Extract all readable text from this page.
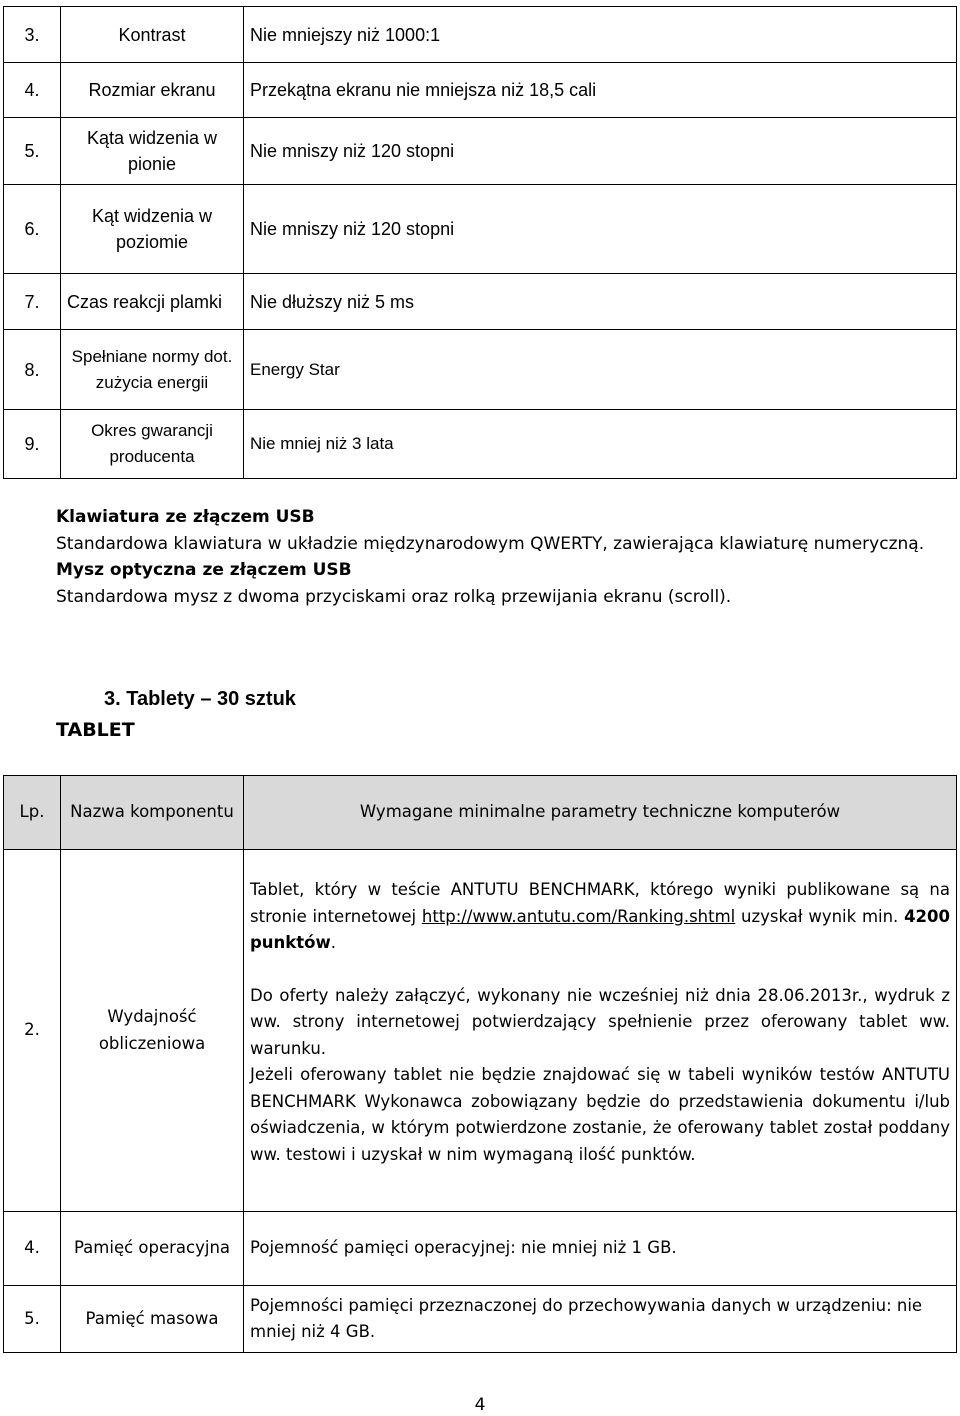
3.	Kontrast	Nie mniejszy niż 1000:1
4.	Rozmiar ekranu	Przekątna ekranu nie mniejsza niż 18,5 cali
5.	Kąta widzenia w pionie	Nie mniszy niż 120 stopni
6.	Kąt widzenia w poziomie	Nie mniszy niż 120 stopni
7.	Czas reakcji plamki	Nie dłuższy niż 5 ms
8.	Spełniane normy dot. zużycia energii	Energy Star
9.	Okres gwarancji producenta	Nie mniej niż 3 lata
Klawiatura ze złączem USB
Standardowa klawiatura w układzie międzynarodowym QWERTY, zawierająca klawiaturę numeryczną.
Mysz optyczna ze złączem USB
Standardowa mysz z dwoma przyciskami oraz rolką przewijania ekranu (scroll).
3. Tablety – 30 sztuk
TABLET
Lp.	Nazwa komponentu	Wymagane minimalne parametry techniczne komputerów
2.	Wydajność obliczeniowa	Tablet, który w teście ANTUTU BENCHMARK, którego wyniki publikowane są na stronie internetowej http://www.antutu.com/Ranking.shtml uzyskał wynik min. 4200 punktów.
Do oferty należy załączyć, wykonany nie wcześniej niż dnia 28.06.2013r., wydruk z ww. strony internetowej potwierdzający spełnienie przez oferowany tablet ww. warunku.
Jeżeli oferowany tablet nie będzie znajdować się w tabeli wyników testów ANTUTU BENCHMARK Wykonawca zobowiązany będzie do przedstawienia dokumentu i/lub oświadczenia, w którym potwierdzone zostanie, że oferowany tablet został poddany ww. testowi i uzyskał w nim wymaganą ilość punktów.

4.	Pamięć operacyjna	Pojemność pamięci operacyjnej: nie mniej niż 1 GB.
5.	Pamięć masowa	Pojemności pamięci przeznaczonej do przechowywania danych w urządzeniu: nie mniej niż 4 GB.
4
